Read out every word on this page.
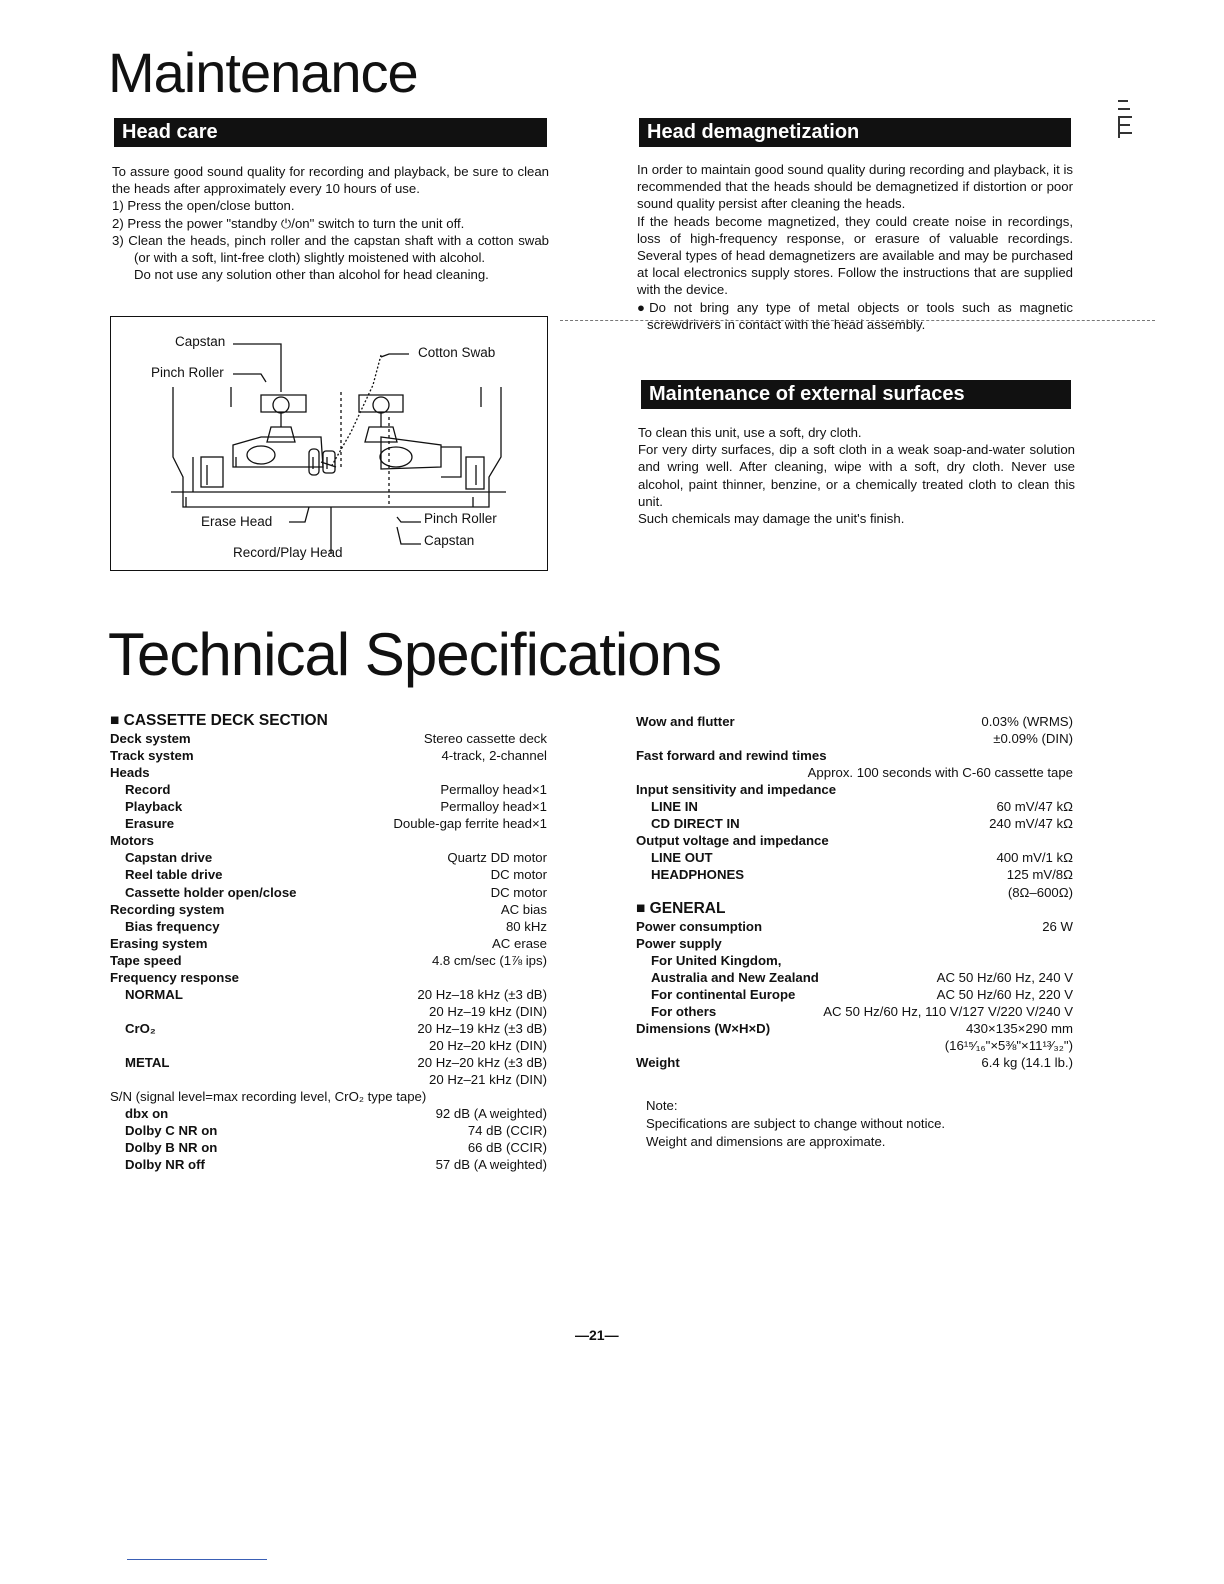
Maintenance
Head care

To assure good sound quality for recording and playback, be sure to clean the heads after approximately every 10 hours of use.

1) Press the open/close button.

2) Press the power "standby ⏻/on" switch to turn the unit off.

3) Clean the heads, pinch roller and the capstan shaft with a cotton swab (or with a soft, lint-free cloth) slightly moistened with alcohol.

Do not use any solution other than alcohol for head cleaning.

Capstan
Pinch Roller
Cotton Swab
Erase Head
Record/Play Head
Pinch Roller
Capstan
Head demagnetization

In order to maintain good sound quality during recording and playback, it is recommended that the heads should be demagnetized if distortion or poor sound quality persist after cleaning the heads.

If the heads become magnetized, they could create noise in recordings, loss of high-frequency response, or erasure of valuable recordings. Several types of head demagnetizers are available and may be purchased at local electronics supply stores. Follow the instructions that are supplied with the device.

●Do not bring any type of metal objects or tools such as magnetic screwdrivers in contact with the head assembly.

Maintenance of external surfaces

To clean this unit, use a soft, dry cloth.

For very dirty surfaces, dip a soft cloth in a weak soap-and-water solution and wring well. After cleaning, wipe with a soft, dry cloth. Never use alcohol, paint thinner, benzine, or a chemically treated cloth to clean this unit.

Such chemicals may damage the unit's finish.

Technical Specifications
■ CASSETTE DECK SECTION
Deck system	Stereo cassette deck
Track system	4-track, 2-channel
Heads
Record	Permalloy head×1
Playback	Permalloy head×1
Erasure	Double-gap ferrite head×1
Motors
Capstan drive	Quartz DD motor
Reel table drive	DC motor
Cassette holder open/close	DC motor
Recording system	AC bias
Bias frequency	80 kHz
Erasing system	AC erase
Tape speed	4.8 cm/sec (1⅞ ips)
Frequency response
NORMAL	20 Hz–18 kHz (±3 dB)
20 Hz–19 kHz (DIN)
CrO₂	20 Hz–19 kHz (±3 dB)
20 Hz–20 kHz (DIN)
METAL	20 Hz–20 kHz (±3 dB)
20 Hz–21 kHz (DIN)
S/N (signal level=max recording level, CrO₂ type tape)
dbx on	92 dB (A weighted)
Dolby C NR on	74 dB (CCIR)
Dolby B NR on	66 dB (CCIR)
Dolby NR off	57 dB (A weighted)
Wow and flutter	0.03% (WRMS)
±0.09% (DIN)
Fast forward and rewind times
Approx. 100 seconds with C-60 cassette tape
Input sensitivity and impedance
LINE IN	60 mV/47 kΩ
CD DIRECT IN	240 mV/47 kΩ
Output voltage and impedance
LINE OUT	400 mV/1 kΩ
HEADPHONES	125 mV/8Ω
(8Ω–600Ω)
■ GENERAL
Power consumption	26 W
Power supply
For United Kingdom,
Australia and New Zealand	AC 50 Hz/60 Hz, 240 V
For continental Europe	AC 50 Hz/60 Hz, 220 V
For others	AC 50 Hz/60 Hz, 110 V/127 V/220 V/240 V
Dimensions (W×H×D)	430×135×290 mm
(16¹⁵⁄₁₆"×5⅜"×11¹³⁄₃₂")
Weight	6.4 kg (14.1 lb.)
Note:
Specifications are subject to change without notice.
Weight and dimensions are approximate.
—21—
